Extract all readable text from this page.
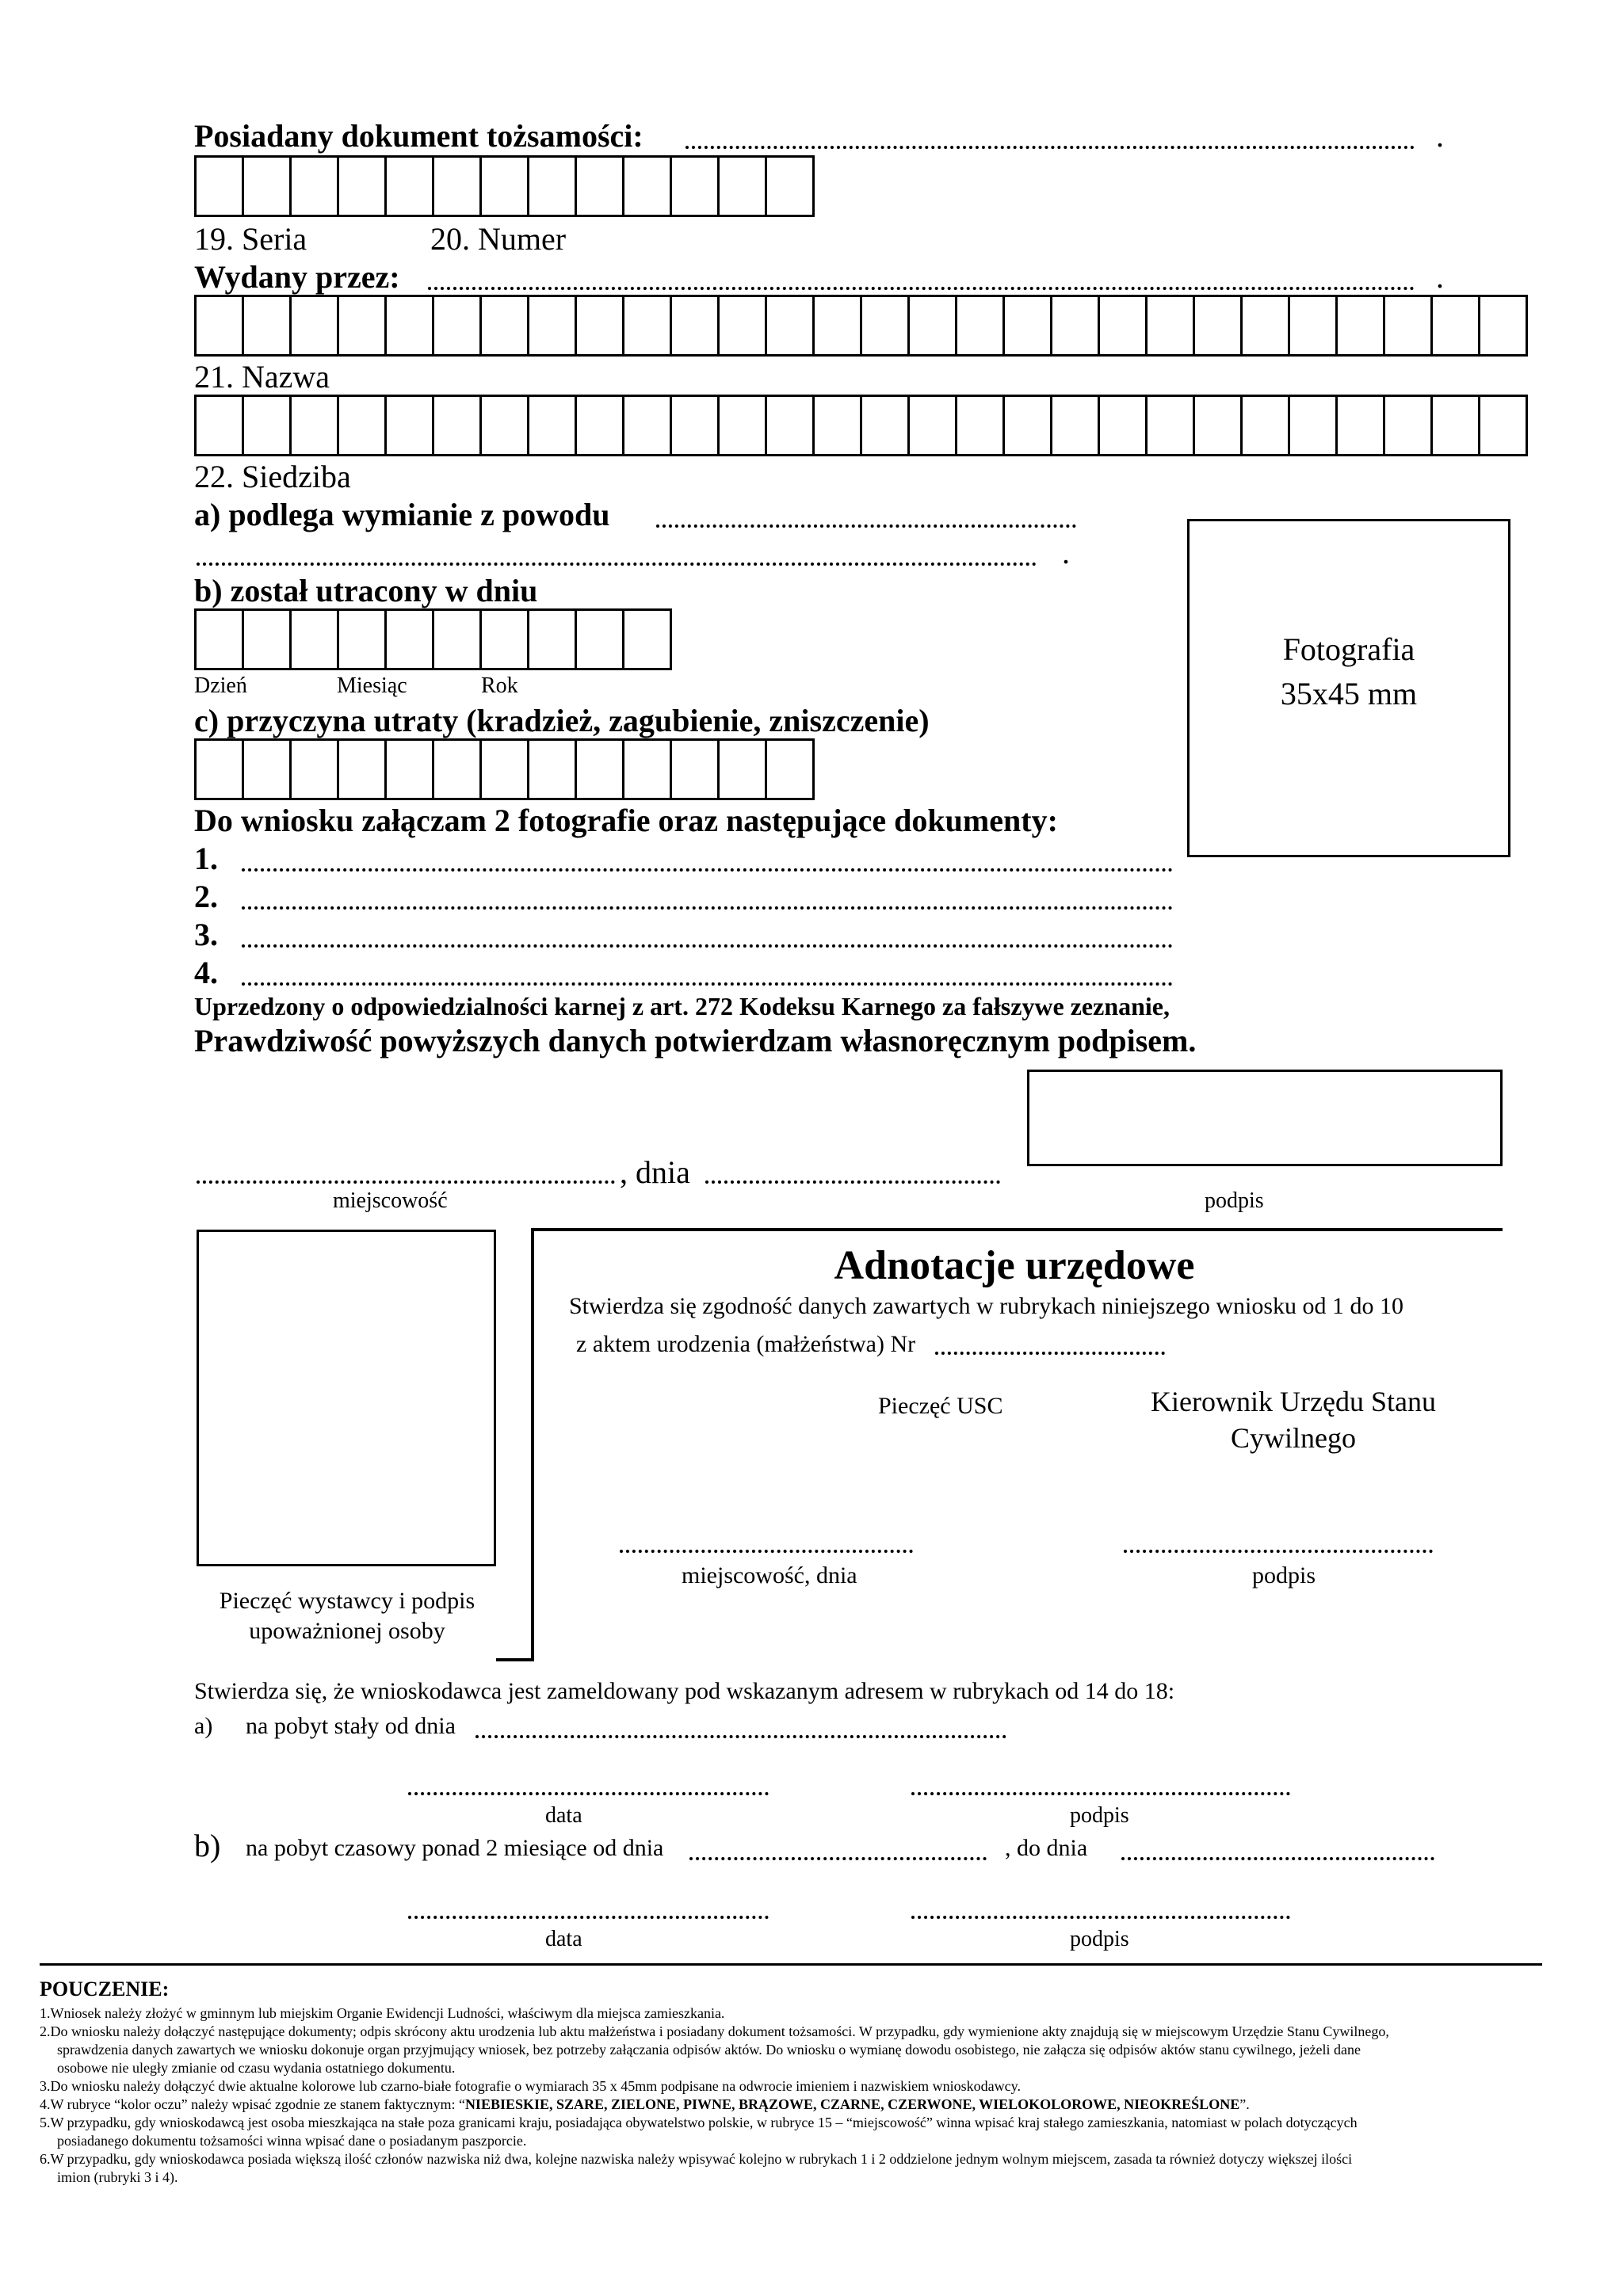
Posiadany dokument tożsamości:	.
19. Seria	20. Numer
Wydany przez:	.
21. Nazwa
22. Siedziba
a) podlega wymianie z powodu
.
b) został utracony w dniu
Dzień	Miesiąc	Rok
c) przyczyna utraty (kradzież, zagubienie, zniszczenie)
Fotografia
35x45 mm
Do wniosku załączam 2 fotografie oraz następujące dokumenty:
1.
2.
3.
4.
Uprzedzony o odpowiedzialności karnej z art. 272 Kodeksu Karnego za fałszywe zeznanie,
Prawdziwość powyższych danych potwierdzam własnoręcznym podpisem.
, dnia
miejscowość	podpis
Pieczęć wystawcy i podpis
upoważnionej osoby
Adnotacje urzędowe
Stwierdza się zgodność danych zawartych w rubrykach niniejszego wniosku od 1 do 10
z aktem urodzenia (małżeństwa) Nr
Pieczęć USC	Kierownik Urzędu Stanu
Cywilnego
miejscowość, dnia	podpis
Stwierdza się, że wnioskodawca jest zameldowany pod wskazanym adresem w rubrykach od 14 do 18:
a) na pobyt stały od dnia
data	podpis
b) na pobyt czasowy ponad 2 miesiące od dnia	, do dnia
data	podpis
POUCZENIE:
1.Wniosek należy złożyć w gminnym lub miejskim Organie Ewidencji Ludności, właściwym dla miejsca zamieszkania.
2.Do wniosku należy dołączyć następujące dokumenty; odpis skrócony aktu urodzenia lub aktu małżeństwa i posiadany dokument tożsamości. W przypadku, gdy wymienione akty znajdują się w miejscowym Urzędzie Stanu Cywilnego,
sprawdzenia danych zawartych we wniosku dokonuje organ przyjmujący wniosek, bez potrzeby załączania odpisów aktów. Do wniosku o wymianę dowodu osobistego, nie załącza się odpisów aktów stanu cywilnego, jeżeli dane
osobowe nie uległy zmianie od czasu wydania ostatniego dokumentu.
3.Do wniosku należy dołączyć dwie aktualne kolorowe lub czarno-białe fotografie o wymiarach 35 x 45mm podpisane na odwrocie imieniem i nazwiskiem wnioskodawcy.
4.W rubryce “kolor oczu” należy wpisać zgodnie ze stanem faktycznym: “NIEBIESKIE, SZARE, ZIELONE, PIWNE, BRĄZOWE, CZARNE, CZERWONE, WIELOKOLOROWE, NIEOKREŚLONE”.
5.W przypadku, gdy wnioskodawcą jest osoba mieszkająca na stałe poza granicami kraju, posiadająca obywatelstwo polskie, w rubryce 15 – “miejscowość” winna wpisać kraj stałego zamieszkania, natomiast w polach dotyczących
posiadanego dokumentu tożsamości winna wpisać dane o posiadanym paszporcie.
6.W przypadku, gdy wnioskodawca posiada większą ilość członów nazwiska niż dwa, kolejne nazwiska należy wpisywać kolejno w rubrykach 1 i 2 oddzielone jednym wolnym miejscem, zasada ta również dotyczy większej ilości
imion (rubryki 3 i 4).
